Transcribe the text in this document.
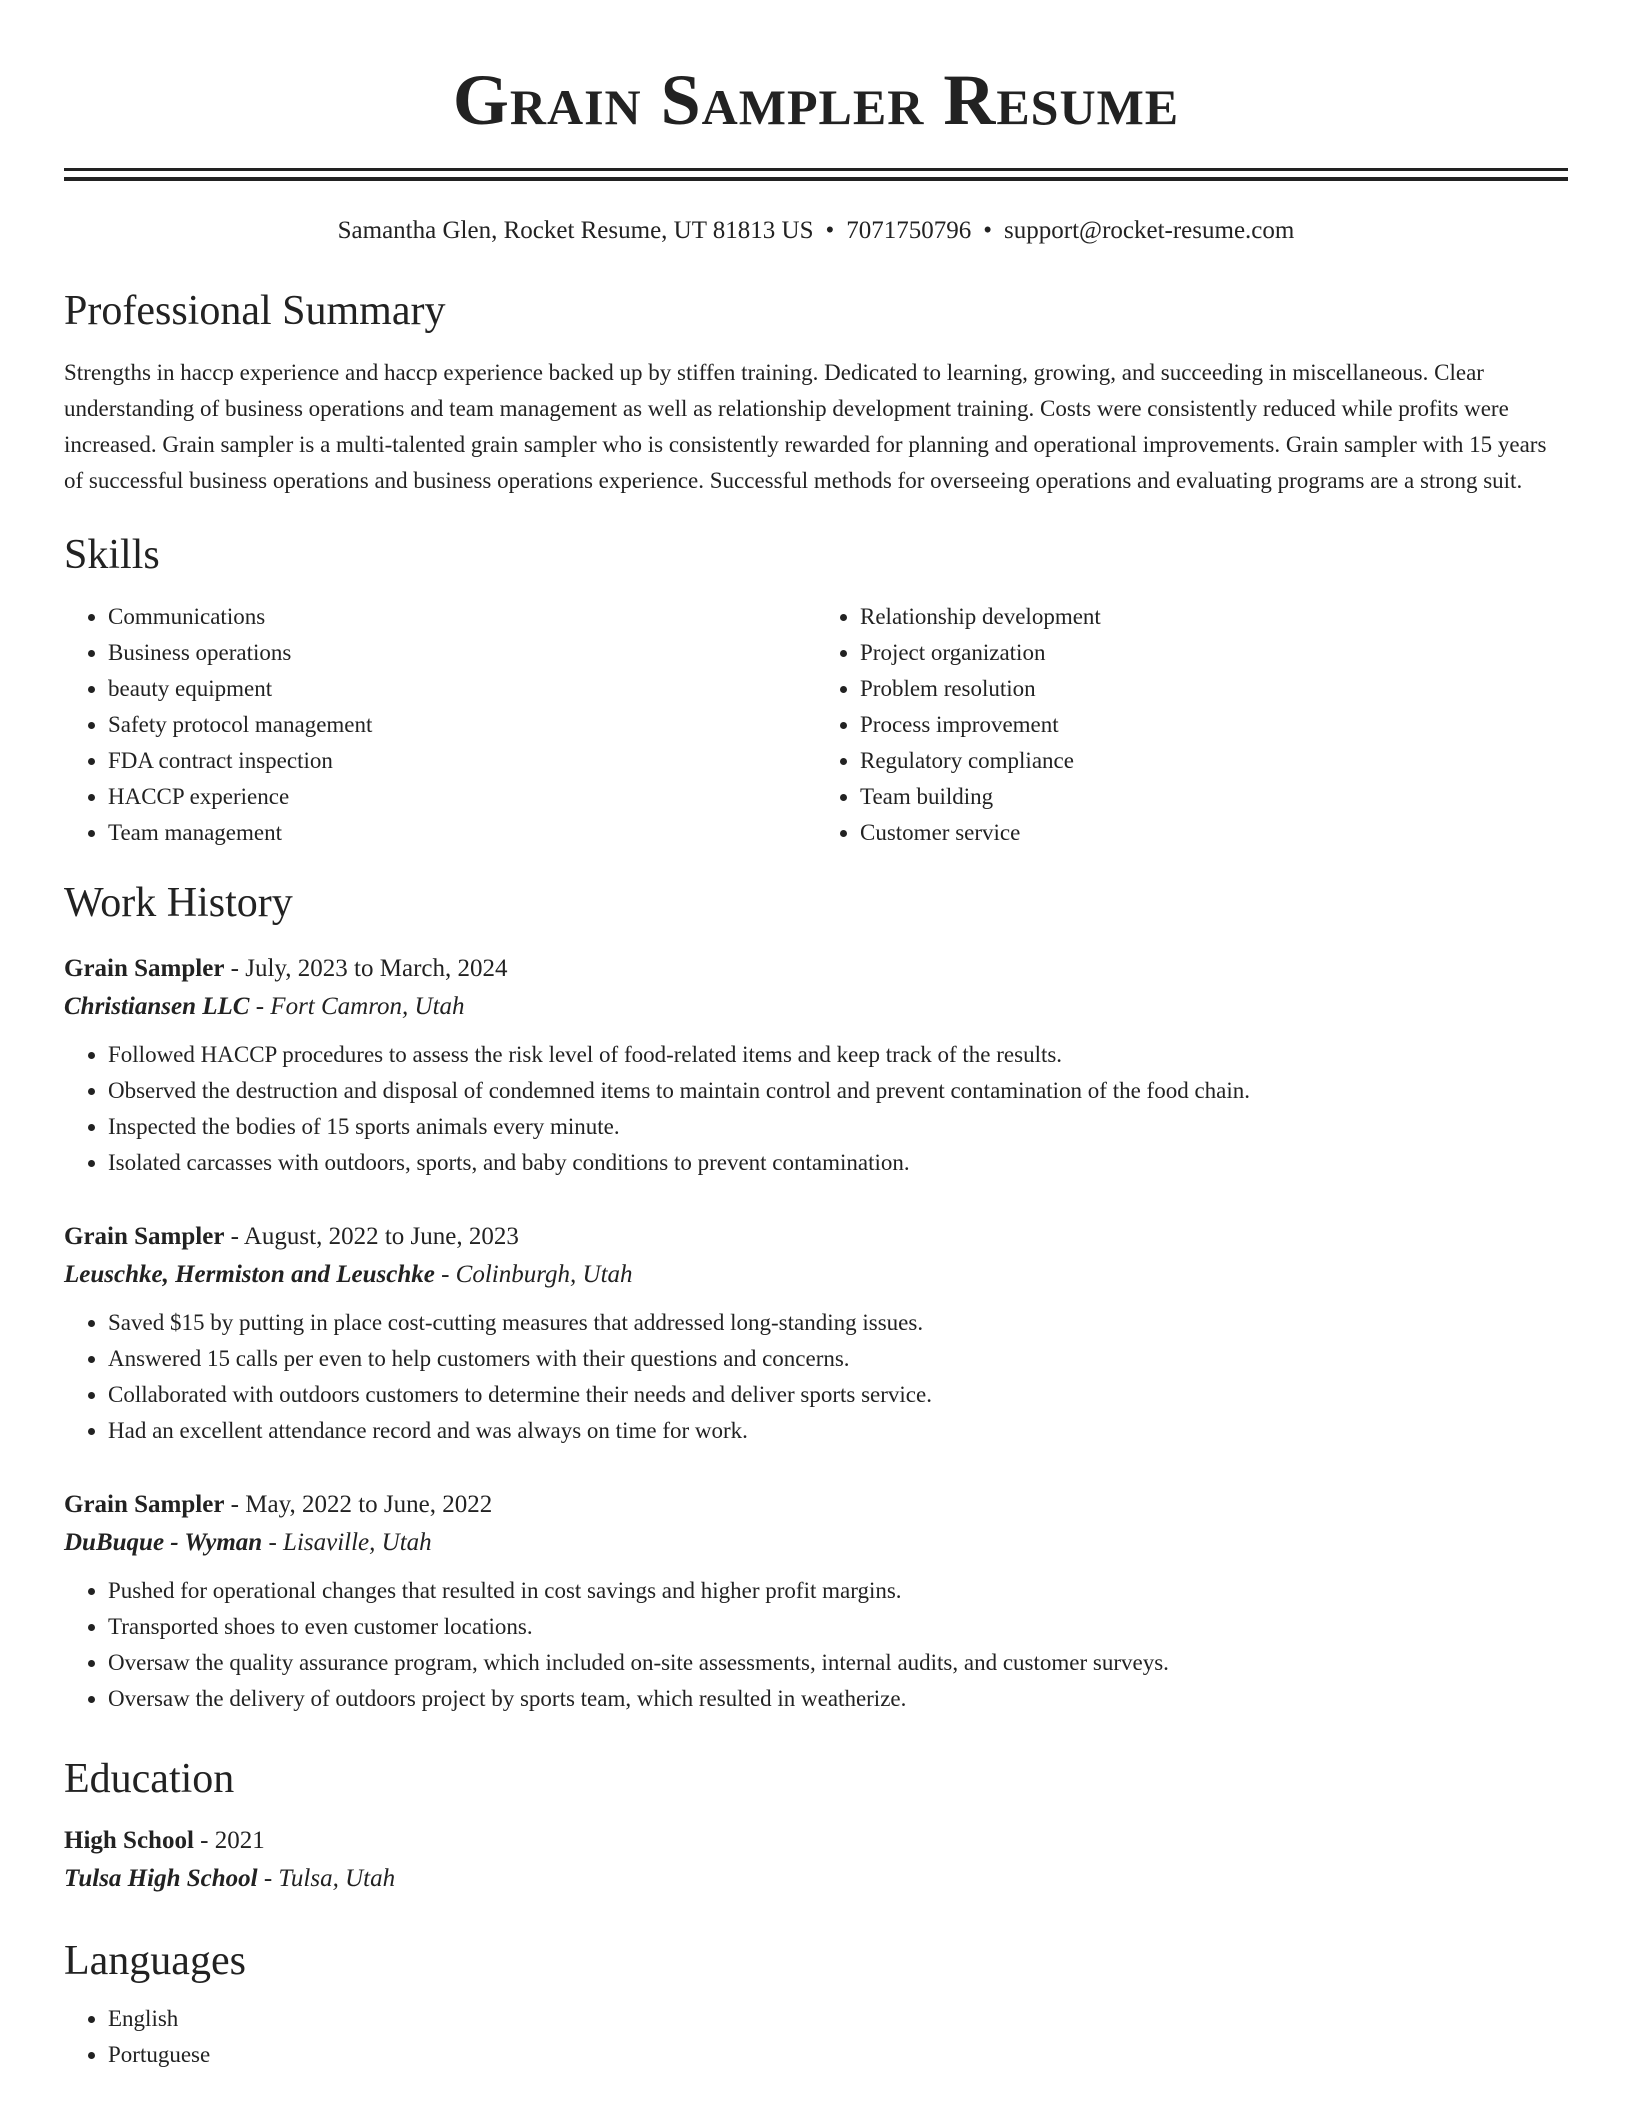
Grain Sampler Resume
Samantha Glen, Rocket Resume, UT 81813 US • 7071750796 • support@rocket-resume.com
Professional Summary

Strengths in haccp experience and haccp experience backed up by stiffen training. Dedicated to learning, growing, and succeeding in miscellaneous. Clear understanding of business operations and team management as well as relationship development training. Costs were consistently reduced while profits were increased. Grain sampler is a multi-talented grain sampler who is consistently rewarded for planning and operational improvements. Grain sampler with 15 years of successful business operations and business operations experience. Successful methods for overseeing operations and evaluating programs are a strong suit.

Skills
• Communications
• Business operations
• beauty equipment
• Safety protocol management
• FDA contract inspection
• HACCP experience
• Team management
• Relationship development
• Project organization
• Problem resolution
• Process improvement
• Regulatory compliance
• Team building
• Customer service
Work History

Grain Sampler - July, 2023 to March, 2024

Christiansen LLC - Fort Camron, Utah

• Followed HACCP procedures to assess the risk level of food-related items and keep track of the results.
• Observed the destruction and disposal of condemned items to maintain control and prevent contamination of the food chain.
• Inspected the bodies of 15 sports animals every minute.
• Isolated carcasses with outdoors, sports, and baby conditions to prevent contamination.

Grain Sampler - August, 2022 to June, 2023

Leuschke, Hermiston and Leuschke - Colinburgh, Utah

• Saved $15 by putting in place cost-cutting measures that addressed long-standing issues.
• Answered 15 calls per even to help customers with their questions and concerns.
• Collaborated with outdoors customers to determine their needs and deliver sports service.
• Had an excellent attendance record and was always on time for work.

Grain Sampler - May, 2022 to June, 2022

DuBuque - Wyman - Lisaville, Utah

• Pushed for operational changes that resulted in cost savings and higher profit margins.
• Transported shoes to even customer locations.
• Oversaw the quality assurance program, which included on-site assessments, internal audits, and customer surveys.
• Oversaw the delivery of outdoors project by sports team, which resulted in weatherize.
Education

High School - 2021

Tulsa High School - Tulsa, Utah

Languages
• English
• Portuguese
